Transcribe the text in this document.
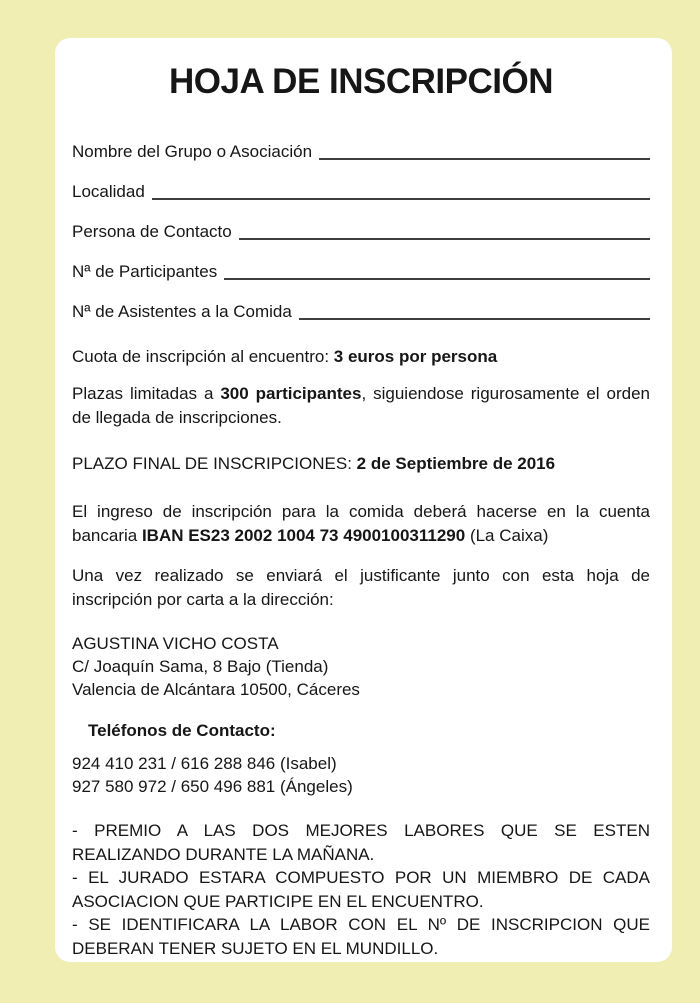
HOJA DE INSCRIPCIÓN
Nombre del Grupo o Asociación
Localidad
Persona de Contacto
Nª de Participantes
Nª de Asistentes a la Comida

Cuota de inscripción al encuentro: 3 euros por persona

Plazas limitadas a 300 participantes, siguiendose rigurosamente el orden de llegada de inscripciones.

PLAZO FINAL DE INSCRIPCIONES: 2 de Septiembre de 2016

El ingreso de inscripción para la comida deberá hacerse en la cuenta bancaria IBAN ES23 2002 1004 73 4900100311290 (La Caixa)

Una vez realizado se enviará el justificante junto con esta hoja de inscripción por carta a la dirección:

AGUSTINA VICHO COSTA
C/ Joaquín Sama, 8 Bajo (Tienda)
Valencia de Alcántara 10500, Cáceres

Teléfonos de Contacto:

924 410 231 / 616 288 846 (Isabel)
927 580 972 / 650 496 881 (Ángeles)

- PREMIO A LAS DOS MEJORES LABORES QUE SE ESTEN REALIZANDO DURANTE LA MAÑANA.

- EL JURADO ESTARA COMPUESTO POR UN MIEMBRO DE CADA ASOCIACION QUE PARTICIPE EN EL ENCUENTRO.

- SE IDENTIFICARA LA LABOR CON EL Nº DE INSCRIPCION QUE DEBERAN TENER SUJETO EN EL MUNDILLO.
